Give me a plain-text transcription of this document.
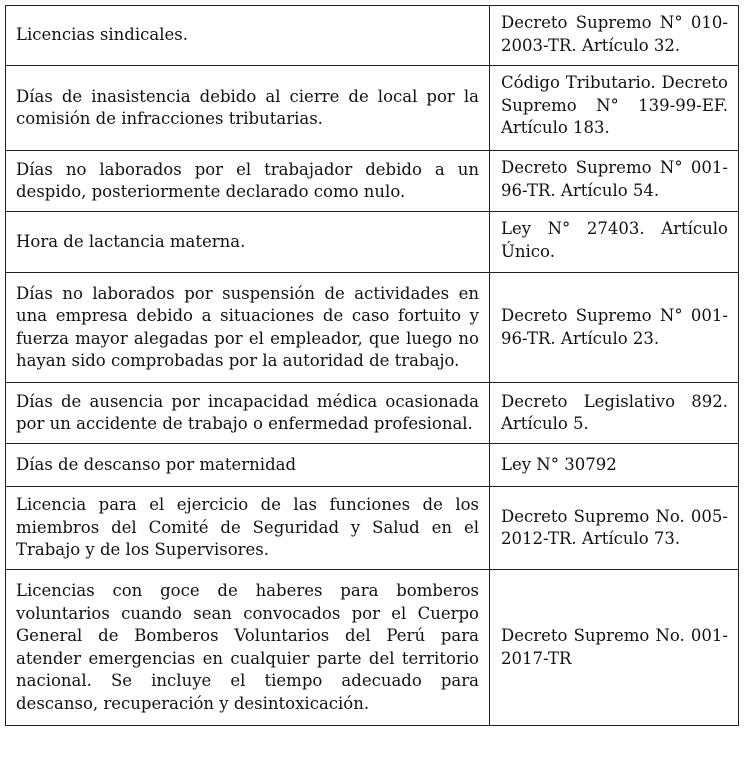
Licencias sindicales.	Decreto Supremo N° 010-2003-TR. Artículo 32.
Días de inasistencia debido al cierre de local por la comisión de infracciones tributarias.	Código Tributario. Decreto Supremo N° 139-99-EF. Artículo 183.
Días no laborados por el trabajador debido a un despido, posteriormente declarado como nulo.	Decreto Supremo N° 001-96-TR. Artículo 54.
Hora de lactancia materna.	Ley N° 27403. Artículo Único.
Días no laborados por suspensión de actividades en una empresa debido a situaciones de caso fortuito y fuerza mayor alegadas por el empleador, que luego no hayan sido comprobadas por la autoridad de trabajo.	Decreto Supremo N° 001-96-TR. Artículo 23.
Días de ausencia por incapacidad médica ocasionada por un accidente de trabajo o enfermedad profesional.	Decreto Legislativo 892. Artículo 5.
Días de descanso por maternidad	Ley N° 30792
Licencia para el ejercicio de las funciones de los miembros del Comité de Seguridad y Salud en el Trabajo y de los Supervisores.	Decreto Supremo No. 005-2012-TR. Artículo 73.
Licencias con goce de haberes para bomberos voluntarios cuando sean convocados por el Cuerpo General de Bomberos Voluntarios del Perú para atender emergencias en cualquier parte del territorio nacional. Se incluye el tiempo adecuado para descanso, recuperación y desintoxicación.	Decreto Supremo No. 001-2017-TR
